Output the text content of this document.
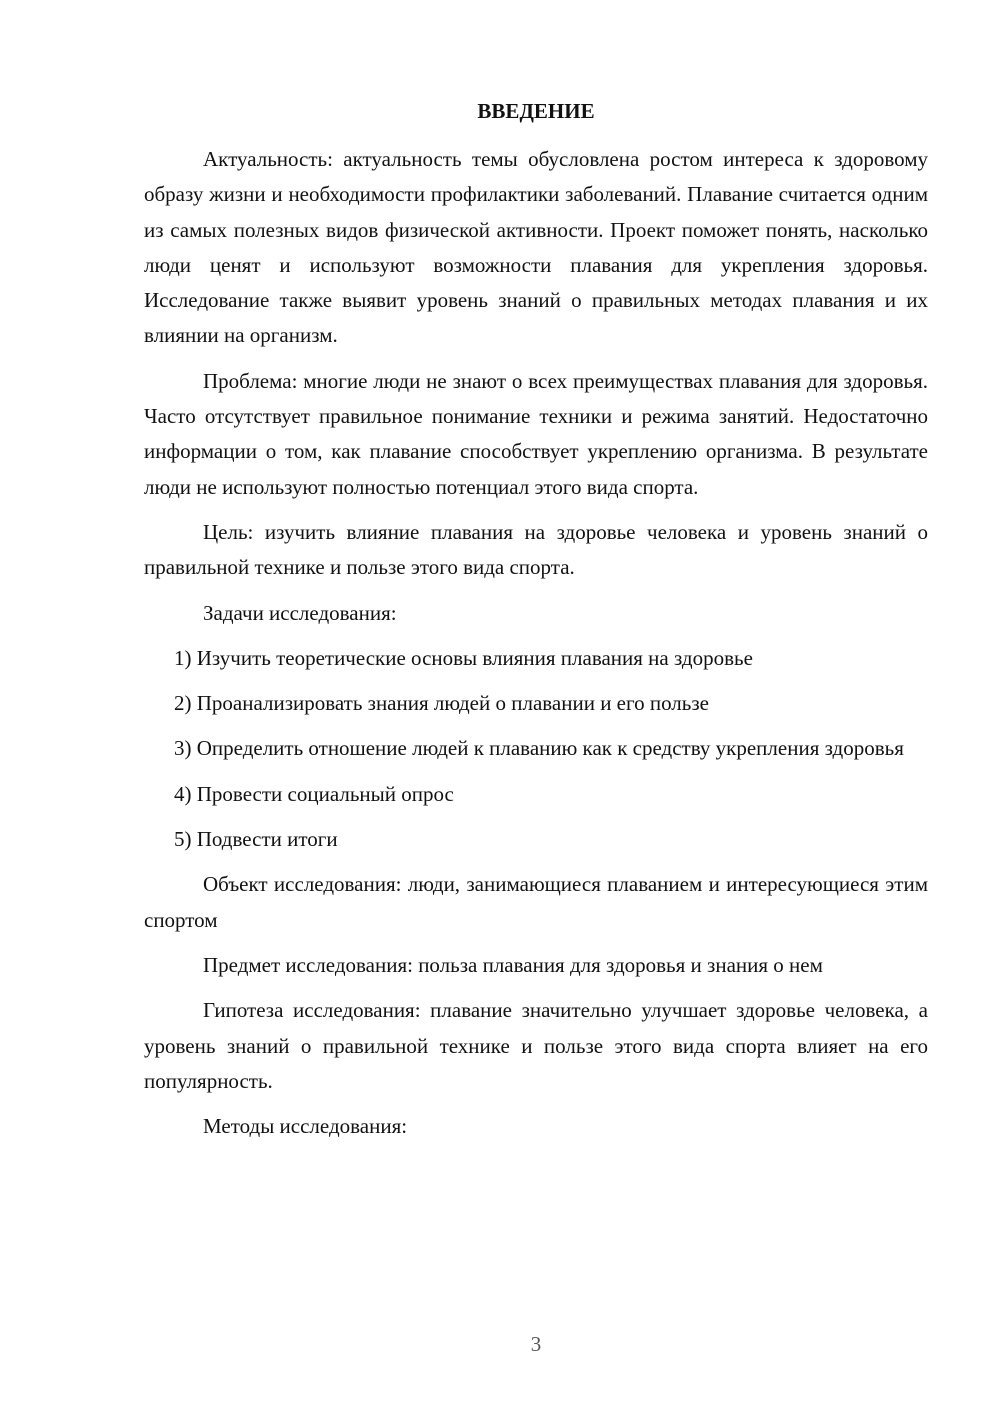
ВВЕДЕНИЕ

Актуальность: актуальность темы обусловлена ростом интереса к здоровому образу жизни и необходимости профилактики заболеваний. Плавание считается одним из самых полезных видов физической активности. Проект поможет понять, насколько люди ценят и используют возможности плавания для укрепления здоровья. Исследование также выявит уровень знаний о правильных методах плавания и их влиянии на организм.

Проблема: многие люди не знают о всех преимуществах плавания для здоровья. Часто отсутствует правильное понимание техники и режима занятий. Недостаточно информации о том, как плавание способствует укреплению организма. В результате люди не используют полностью потенциал этого вида спорта.

Цель: изучить влияние плавания на здоровье человека и уровень знаний о правильной технике и пользе этого вида спорта.

Задачи исследования:

1) Изучить теоретические основы влияния плавания на здоровье

2) Проанализировать знания людей о плавании и его пользе

3) Определить отношение людей к плаванию как к средству укрепления здоровья

4) Провести социальный опрос

5) Подвести итоги

Объект исследования: люди, занимающиеся плаванием и интересующиеся этим спортом

Предмет исследования: польза плавания для здоровья и знания о нем

Гипотеза исследования: плавание значительно улучшает здоровье человека, а уровень знаний о правильной технике и пользе этого вида спорта влияет на его популярность.

Методы исследования:

3
